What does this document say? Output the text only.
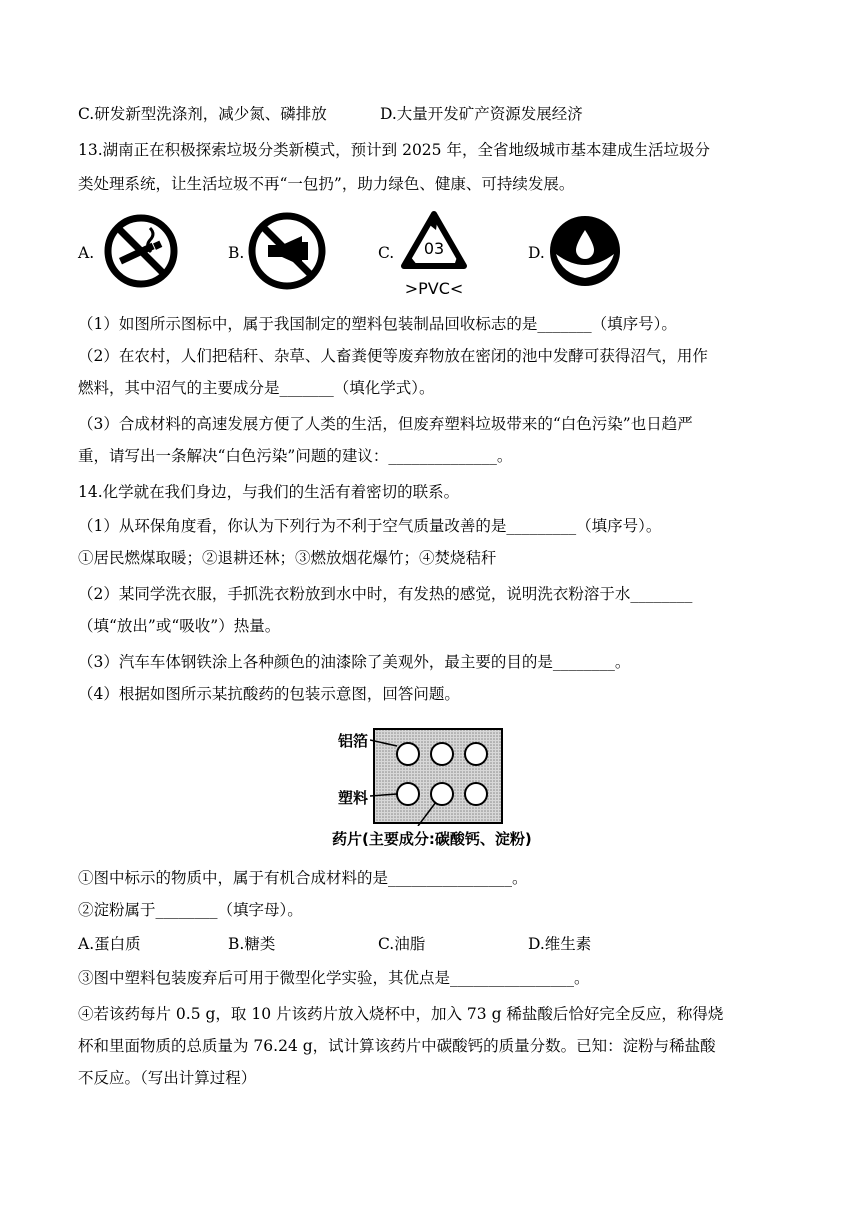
C.研发新型洗涤剂，减少氮、磷排放	D.大量开发矿产资源发展经济
13.湖南正在积极探索垃圾分类新模式，预计到 2025 年，全省地级城市基本建成生活垃圾分
类处理系统，让生活垃圾不再“一包扔”，助力绿色、健康、可持续发展。
A.	B.	C. 03
>PVC<
D.
（1）如图所示图标中，属于我国制定的塑料包装制品回收标志的是_______（填序号）。
（2）在农村，人们把秸秆、杂草、人畜粪便等废弃物放在密闭的池中发酵可获得沼气，用作
燃料，其中沼气的主要成分是_______（填化学式）。
（3）合成材料的高速发展方便了人类的生活，但废弃塑料垃圾带来的“白色污染”也日趋严
重，请写出一条解决“白色污染”问题的建议：______________。
14.化学就在我们身边，与我们的生活有着密切的联系。
（1）从环保角度看，你认为下列行为不利于空气质量改善的是_________（填序号）。
①居民燃煤取暖；②退耕还林；③燃放烟花爆竹；④焚烧秸秆
（2）某同学洗衣服，手抓洗衣粉放到水中时，有发热的感觉，说明洗衣粉溶于水________
（填“放出”或“吸收”）热量。
（3）汽车车体钢铁涂上各种颜色的油漆除了美观外，最主要的目的是________。
（4）根据如图所示某抗酸药的包装示意图，回答问题。
铝箔
塑料
药片(主要成分:碳酸钙、淀粉)
①图中标示的物质中，属于有机合成材料的是________________。
②淀粉属于________（填字母）。
A.蛋白质	B.糖类	C.油脂	D.维生素
③图中塑料包装废弃后可用于微型化学实验，其优点是________________。
④若该药每片 0.5 g，取 10 片该药片放入烧杯中，加入 73 g 稀盐酸后恰好完全反应，称得烧
杯和里面物质的总质量为 76.24 g，试计算该药片中碳酸钙的质量分数。已知：淀粉与稀盐酸
不反应。（写出计算过程）
